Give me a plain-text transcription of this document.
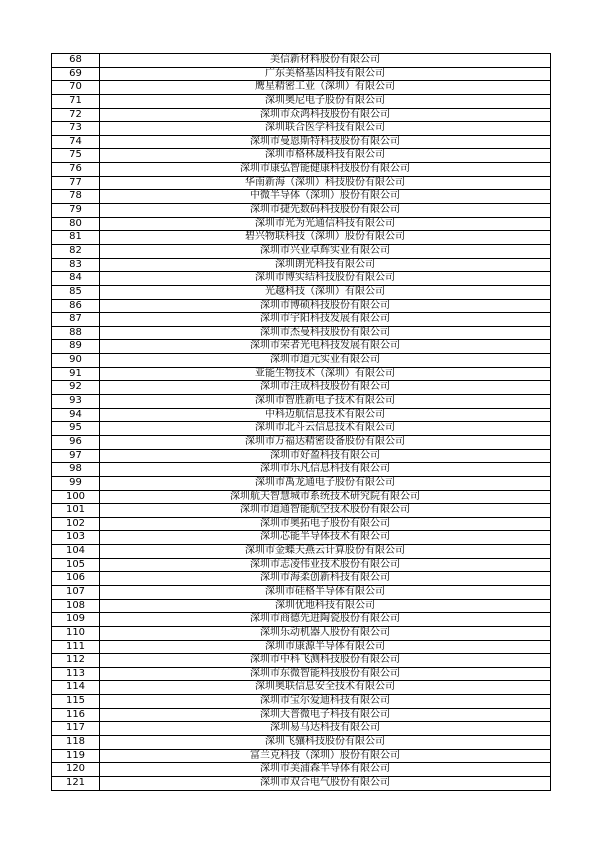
68	美信新材料股份有限公司
69	广东美格基因科技有限公司
70	鹰星精密工业（深圳）有限公司
71	深圳奥尼电子股份有限公司
72	深圳市众鸿科技股份有限公司
73	深圳联合医学科技有限公司
74	深圳市曼恩斯特科技股份有限公司
75	深圳市格林晟科技有限公司
76	深圳市康弘智能健康科技股份有限公司
77	华南新海（深圳）科技股份有限公司
78	中微半导体（深圳）股份有限公司
79	深圳市捷先数码科技股份有限公司
80	深圳市光为光通信科技有限公司
81	碧兴物联科技（深圳）股份有限公司
82	深圳市兴业卓辉实业有限公司
83	深圳朗光科技有限公司
84	深圳市博实结科技股份有限公司
85	光越科技（深圳）有限公司
86	深圳市博硕科技股份有限公司
87	深圳市宇阳科技发展有限公司
88	深圳市杰曼科技股份有限公司
89	深圳市荣者光电科技发展有限公司
90	深圳市道元实业有限公司
91	亚能生物技术（深圳）有限公司
92	深圳市注成科技股份有限公司
93	深圳市智胜新电子技术有限公司
94	中科迈航信息技术有限公司
95	深圳市北斗云信息技术有限公司
96	深圳市万福达精密设备股份有限公司
97	深圳市好盈科技有限公司
98	深圳市乐凡信息科技有限公司
99	深圳市禹龙通电子股份有限公司
100	深圳航天智慧城市系统技术研究院有限公司
101	深圳市道通智能航空技术股份有限公司
102	深圳市奥拓电子股份有限公司
103	深圳芯能半导体技术有限公司
104	深圳市金蝶天燕云计算股份有限公司
105	深圳市志凌伟业技术股份有限公司
106	深圳市海柔创新科技有限公司
107	深圳市硅格半导体有限公司
108	深圳优地科技有限公司
109	深圳市商德先进陶瓷股份有限公司
110	深圳乐动机器人股份有限公司
111	深圳市康源半导体有限公司
112	深圳市中科飞测科技股份有限公司
113	深圳市东微智能科技股份有限公司
114	深圳奥联信息安全技术有限公司
115	深圳市宝尔爱迪科技有限公司
116	深圳大普微电子科技有限公司
117	深圳易马达科技有限公司
118	深圳飞骧科技股份有限公司
119	富兰克科技（深圳）股份有限公司
120	深圳市美浦森半导体有限公司
121	深圳市双合电气股份有限公司
